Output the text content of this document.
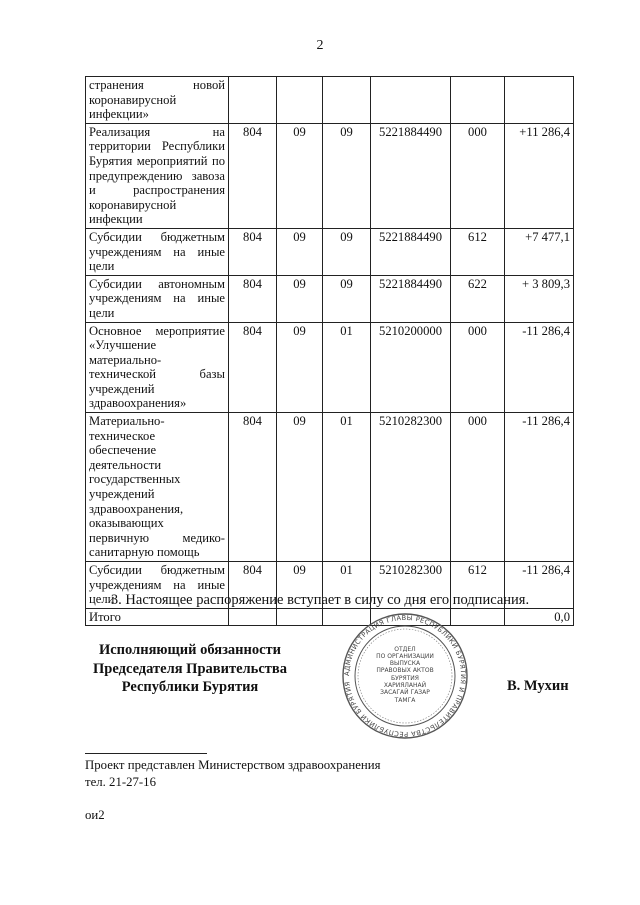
2
странения новой коронавирусной инфекции»						
Реализация на территории Республики Бурятия мероприятий по предупреждению завоза и распространения коронавирусной инфекции	804	09	09	5221884490	000	+11 286,4
Субсидии бюджетным учреждениям на иные цели	804	09	09	5221884490	612	+7 477,1
Субсидии автономным учреждениям на иные цели	804	09	09	5221884490	622	+ 3 809,3
Основное мероприятие «Улучшение материально-технической базы учреждений здравоохранения»	804	09	01	5210200000	000	-11 286,4
Материально-техническое обеспечение деятельности государственных учреждений здравоохранения, оказывающих первичную медико-санитарную помощь	804	09	01	5210282300	000	-11 286,4
Субсидии бюджетным учреждениям на иные цели	804	09	01	5210282300	612	-11 286,4
Итого						0,0
3. Настоящее распоряжение вступает в силу со дня его подписания.
Исполняющий обязанности
Председателя Правительства
Республики Бурятия
АДМИНИСТРАЦИЯ ГЛАВЫ РЕСПУБЛИКИ БУРЯТИЯ И ПРАВИТЕЛЬСТВА РЕСПУБЛИКИ БУРЯТИЯ
ОТДЕЛ
ПО ОРГАНИЗАЦИИ
ВЫПУСКА
ПРАВОВЫХ АКТОВ
БУРЯТИЯ
ХАРИЯЛАНАЙ
ЗАСАГАЙ ГАЗАР
ТАМГА
В. Мухин
Проект представлен Министерством здравоохранения
тел. 21-27-16
ои2
